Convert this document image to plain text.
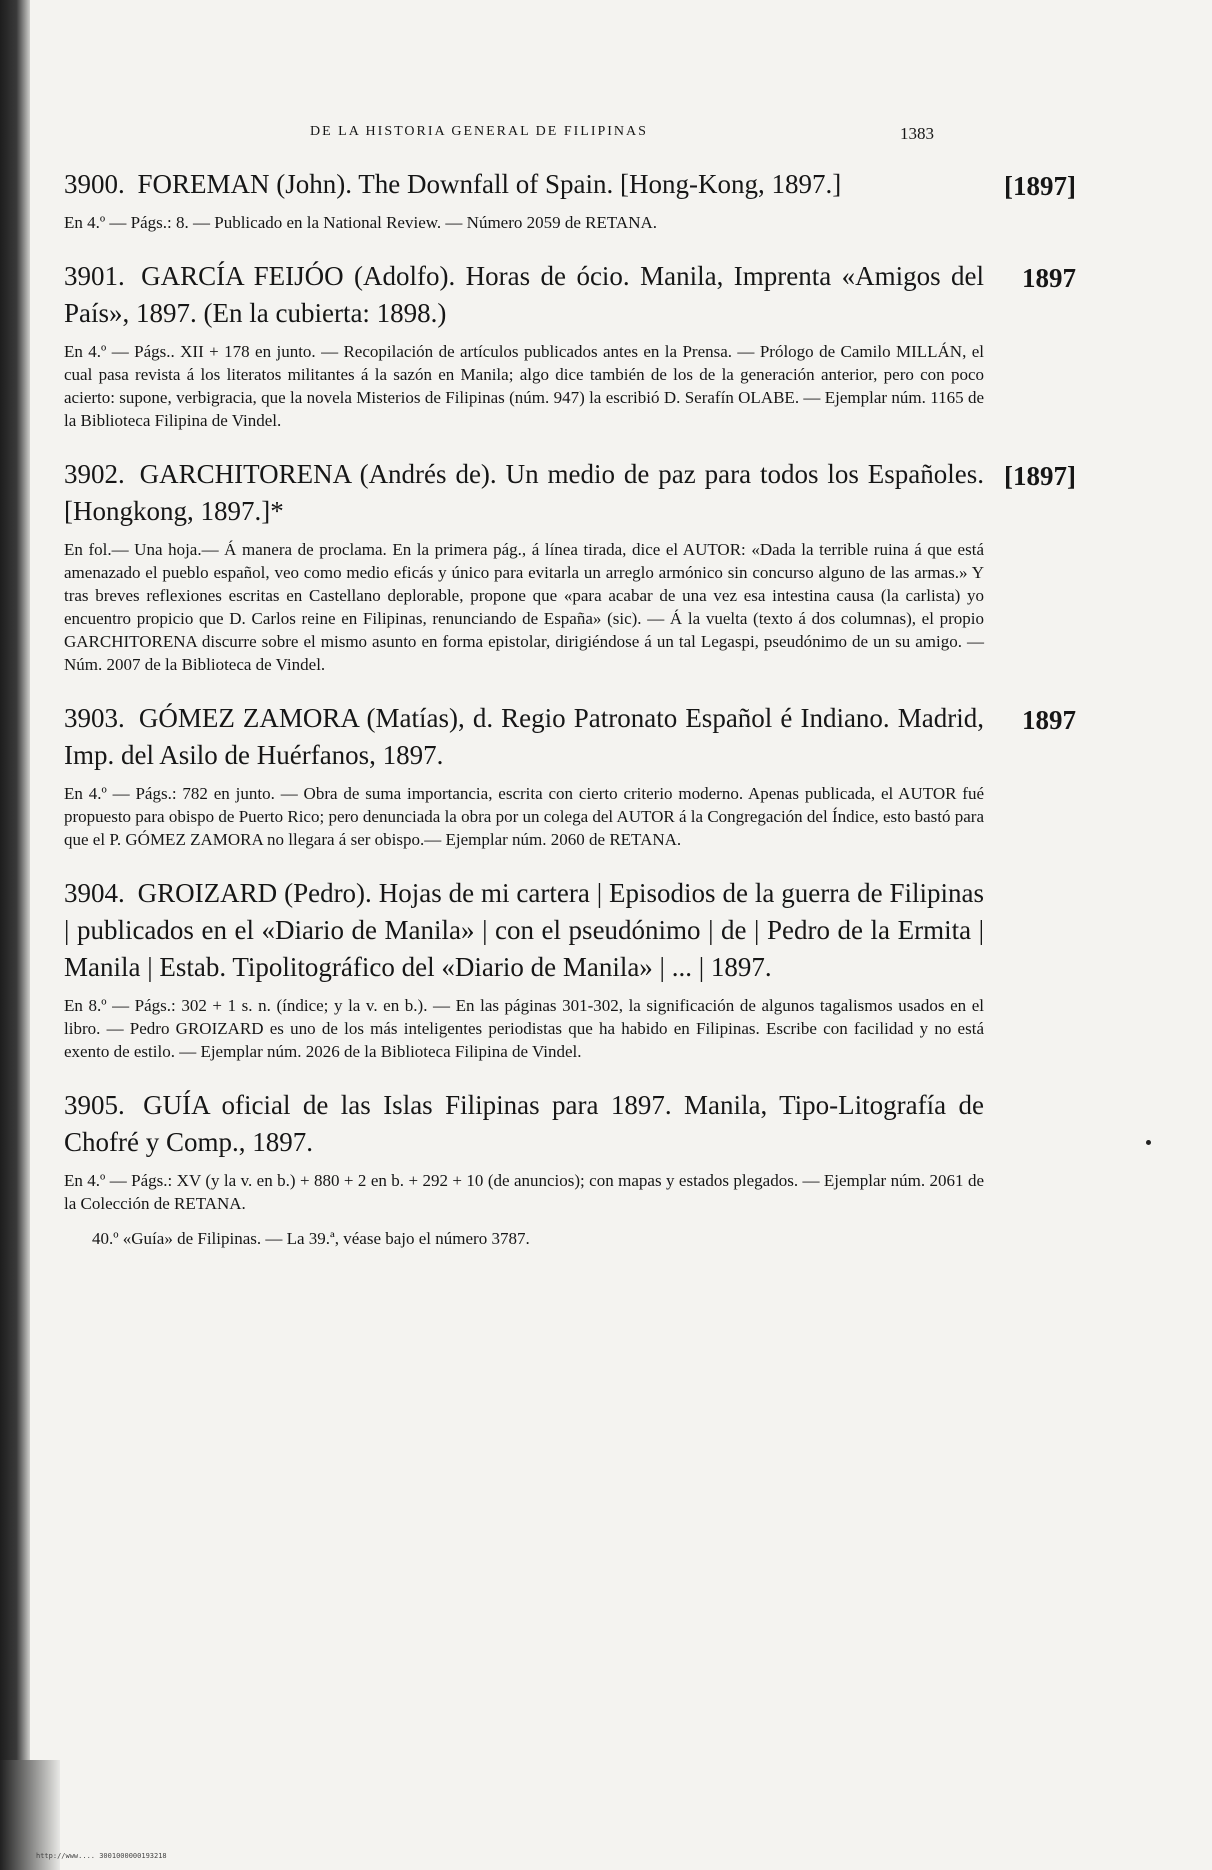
http://www.... 3001000000193218
DE LA HISTORIA GENERAL DE FILIPINAS	1383
3900. FOREMAN (John). The Downfall of Spain. [Hong-Kong, 1897.]	[1897]
En 4.º — Págs.: 8. — Publicado en la National Review. — Número 2059 de RETANA.
3901. GARCÍA FEIJÓO (Adolfo). Horas de ócio. Manila, Imprenta «Amigos del País», 1897. (En la cubierta: 1898.)
1897
En 4.º — Págs.. XII + 178 en junto. — Recopilación de artículos publicados antes en la Prensa. — Prólogo de Camilo MILLÁN, el cual pasa revista á los literatos militantes á la sazón en Manila; algo dice también de los de la generación anterior, pero con poco acierto: supone, verbigracia, que la novela Misterios de Filipinas (núm. 947) la escribió D. Serafín OLABE. — Ejemplar núm. 1165 de la Biblioteca Filipina de Vindel.
3902. GARCHITORENA (Andrés de). Un medio de paz para todos los Españoles. [Hongkong, 1897.]*
[1897]
En fol.— Una hoja.— Á manera de proclama. En la primera pág., á línea tirada, dice el AUTOR: «Dada la terrible ruina á que está amenazado el pueblo español, veo como medio eficás y único para evitarla un arreglo armónico sin concurso alguno de las armas.» Y tras breves reflexiones escritas en Castellano deplorable, propone que «para acabar de una vez esa intestina causa (la carlista) yo encuentro propicio que D. Carlos reine en Filipinas, renunciando de España» (sic). — Á la vuelta (texto á dos columnas), el propio GARCHITORENA discurre sobre el mismo asunto en forma epistolar, dirigiéndose á un tal Legaspi, pseudónimo de un su amigo. — Núm. 2007 de la Biblioteca de Vindel.
3903. GÓMEZ ZAMORA (Matías), d. Regio Patronato Español é Indiano. Madrid, Imp. del Asilo de Huérfanos, 1897.
1897
En 4.º — Págs.: 782 en junto. — Obra de suma importancia, escrita con cierto criterio moderno. Apenas publicada, el AUTOR fué propuesto para obispo de Puerto Rico; pero denunciada la obra por un colega del AUTOR á la Congregación del Índice, esto bastó para que el P. GÓMEZ ZAMORA no llegara á ser obispo.— Ejemplar núm. 2060 de RETANA.
3904. GROIZARD (Pedro). Hojas de mi cartera | Episodios de la guerra de Filipinas | publicados en el «Diario de Manila» | con el pseudónimo | de | Pedro de la Ermita | Manila | Estab. Tipolitográfico del «Diario de Manila» | ... | 1897.
En 8.º — Págs.: 302 + 1 s. n. (índice; y la v. en b.). — En las páginas 301-302, la significación de algunos tagalismos usados en el libro. — Pedro GROIZARD es uno de los más inteligentes periodistas que ha habido en Filipinas. Escribe con facilidad y no está exento de estilo. — Ejemplar núm. 2026 de la Biblioteca Filipina de Vindel.
3905. GUÍA oficial de las Islas Filipinas para 1897. Manila, Tipo-Litografía de Chofré y Comp., 1897.
En 4.º — Págs.: XV (y la v. en b.) + 880 + 2 en b. + 292 + 10 (de anuncios); con mapas y estados plegados. — Ejemplar núm. 2061 de la Colección de RETANA.
40.º «Guía» de Filipinas. — La 39.ª, véase bajo el número 3787.
